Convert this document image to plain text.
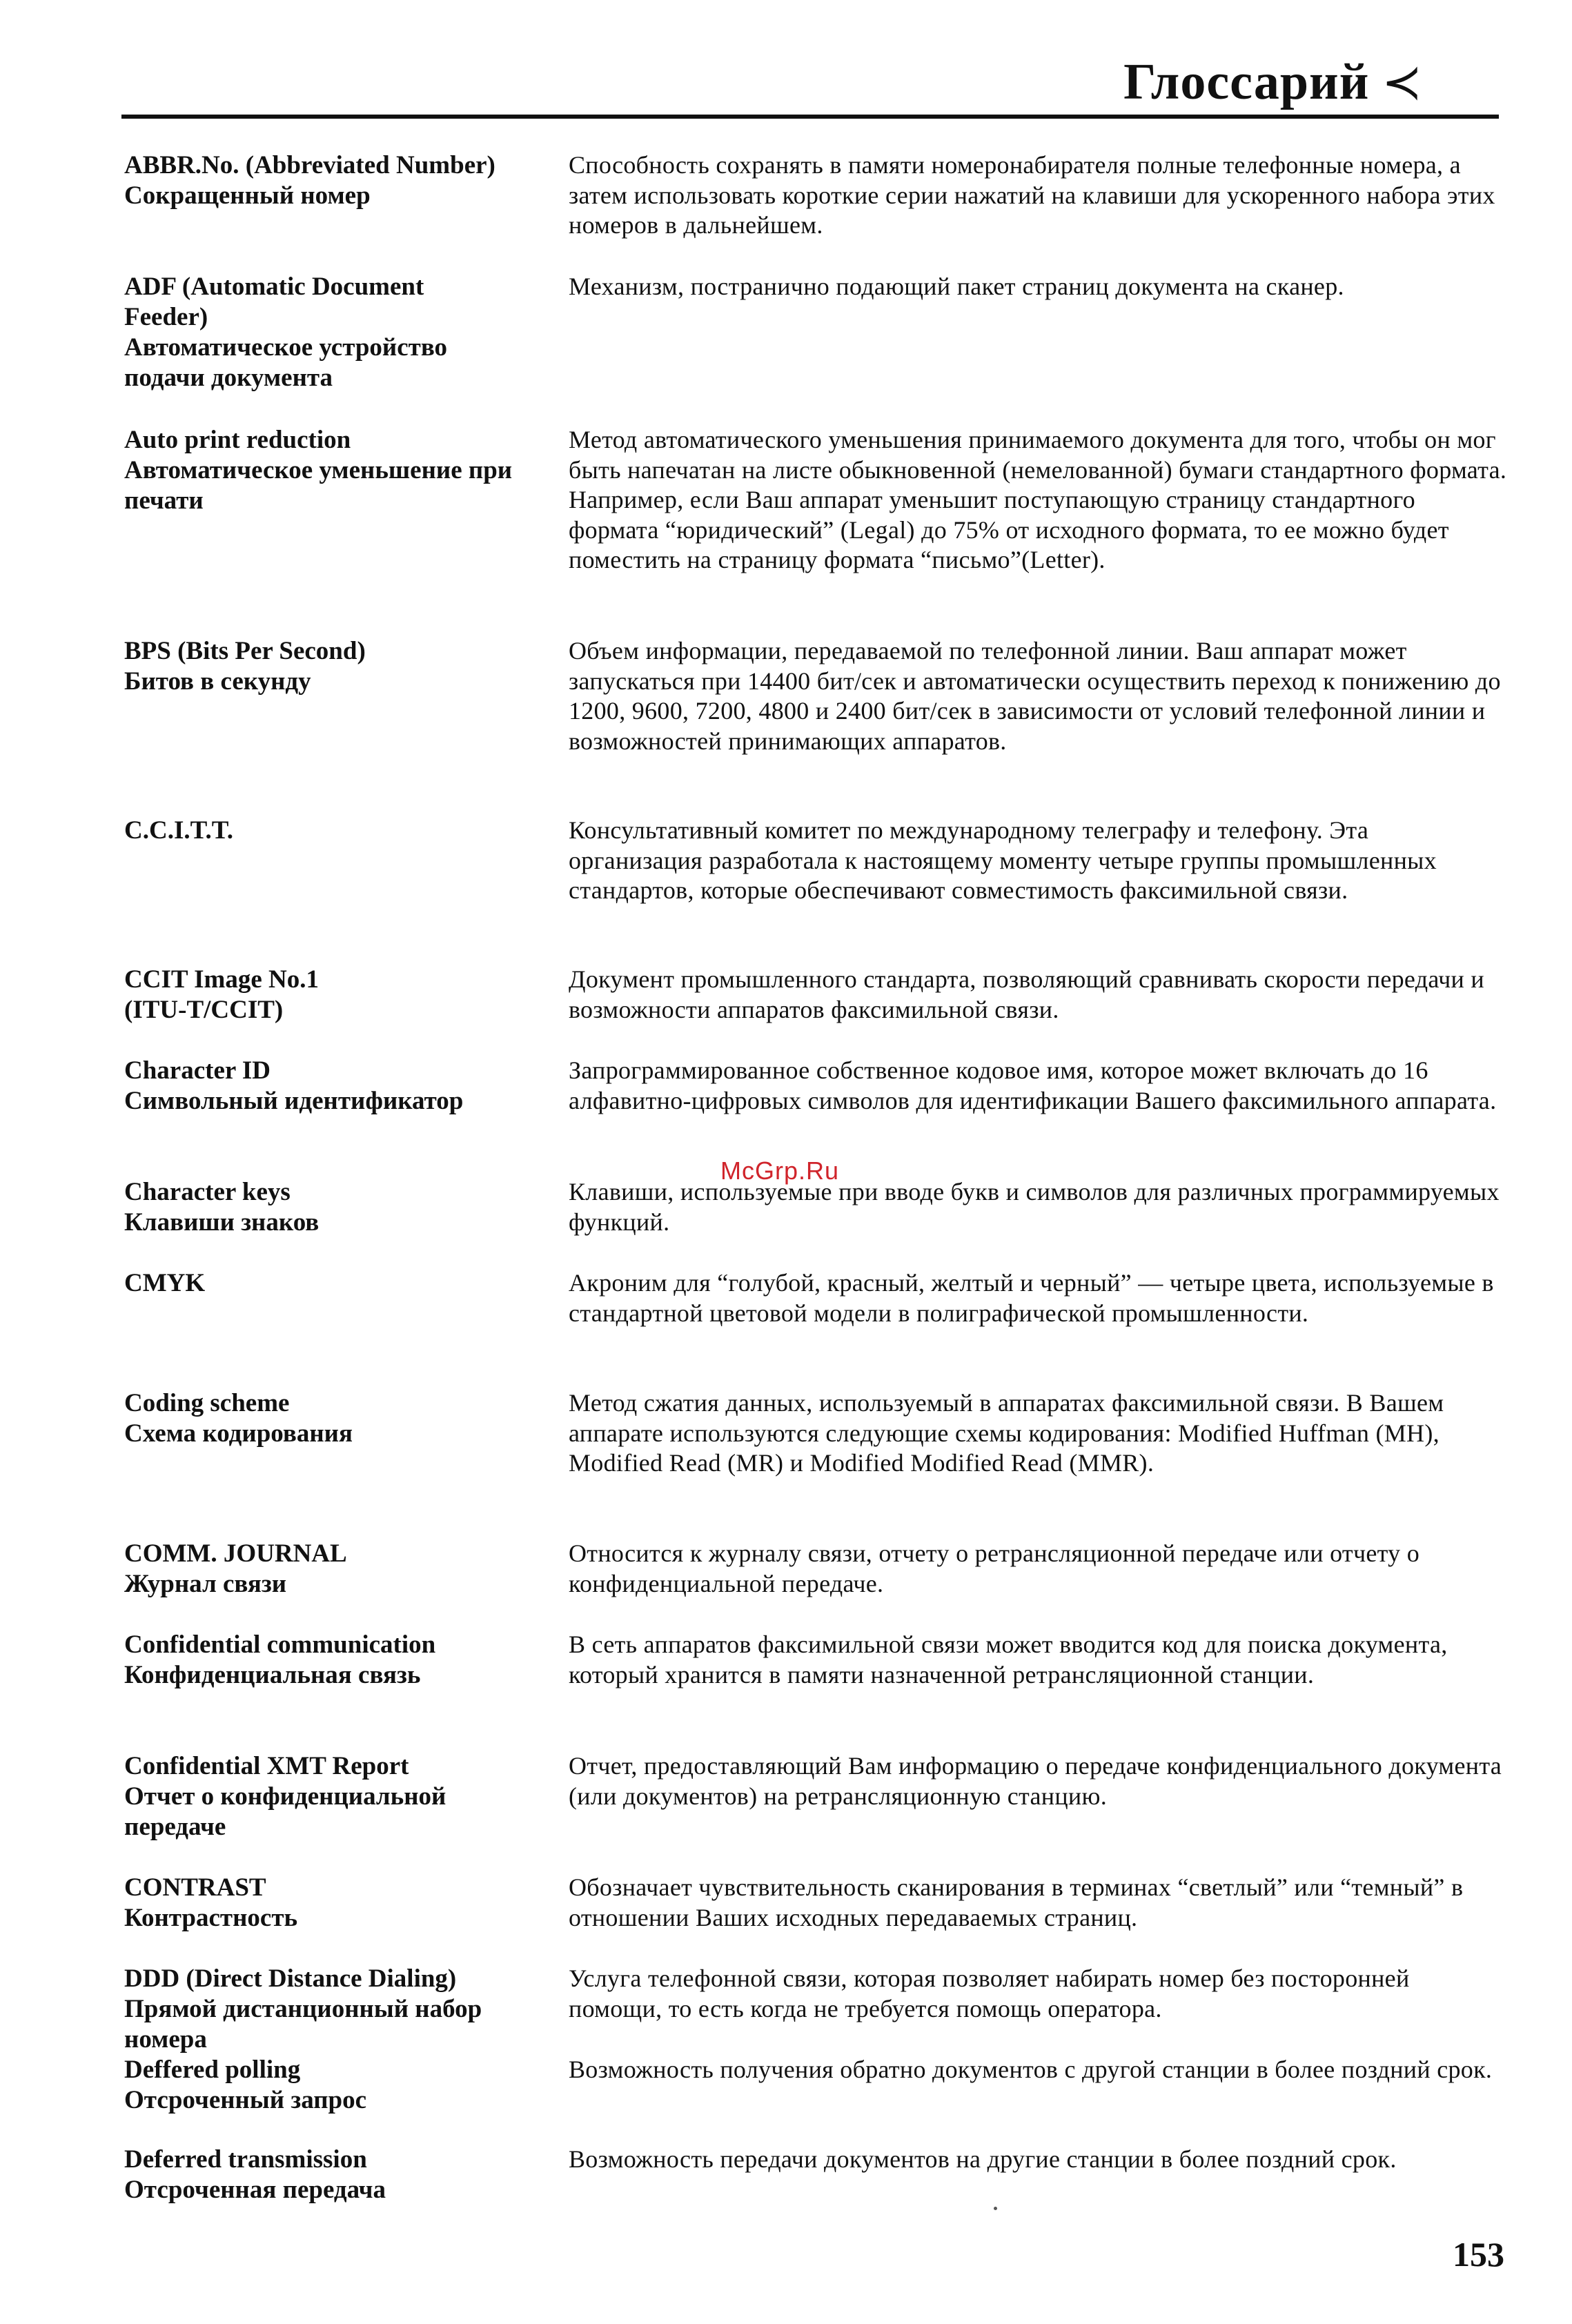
Глоссарий ≺
ABBR.No. (Abbreviated Number)
Сокращенный номер
Способность сохранять в памяти номеронабирателя полные телефонные номера, а затем использовать короткие серии нажатий на клавиши для ускоренного набора этих номеров в дальнейшем.
ADF (Automatic Document
Feeder)
Автоматическое устройство
подачи документа
Механизм, постранично подающий пакет страниц документа на сканер.
Auto print reduction
Автоматическое уменьшение при
печати
Метод автоматического уменьшения принимаемого документа для того, чтобы он мог быть напечатан на листе обыкновенной (немелованной) бумаги стандартного формата. Например, если Ваш аппарат уменьшит поступающую страницу стандартного формата “юридический” (Legal) до 75% от исходного формата, то ее можно будет поместить на страницу формата “письмо”(Letter).
BPS (Bits Per Second)
Битов в секунду
Объем информации, передаваемой по телефонной линии. Ваш аппарат может запускаться при 14400 бит/сек и автоматически осуществить переход к понижению до 1200, 9600, 7200, 4800 и 2400 бит/сек в зависимости от условий телефонной линии и возможностей принимающих аппаратов.
C.C.I.T.T.	Консультативный комитет по международному телеграфу и телефону. Эта организация разработала к настоящему моменту четыре группы промышленных стандартов, которые обеспечивают совместимость факсимильной связи.
CCIT Image No.1
(ITU-T/CCIT)
Документ промышленного стандарта, позволяющий сравнивать скорости передачи и возможности аппаратов факсимильной связи.
Character ID
Символьный идентификатор
Запрограммированное собственное кодовое имя, которое может включать до 16 алфавитно-цифровых символов для идентификации Вашего факсимильного аппарата.
McGrp.Ru
Character keys
Клавиши знаков
Клавиши, используемые при вводе букв и символов для различных программируемых функций.
CMYK	Акроним для “голубой, красный, желтый и черный” — четыре цвета, используемые в стандартной цветовой модели в полиграфической промышленности.
Coding scheme
Схема кодирования
Метод сжатия данных, используемый в аппаратах факсимильной связи. В Вашем аппарате используются следующие схемы кодирования: Modified Huffman (MH), Modified Read (MR) и Modified Modified Read (MMR).
COMM. JOURNAL
Журнал связи
Относится к журналу связи, отчету о ретрансляционной передаче или отчету о конфиденциальной передаче.
Confidential communication
Конфиденциальная связь
В сеть аппаратов факсимильной связи может вводится код для поиска документа, который хранится в памяти назначенной ретрансляционной станции.
Confidential XMT Report
Отчет о конфиденциальной
передаче
Отчет, предоставляющий Вам информацию о передаче конфиденциального документа (или документов) на ретрансляционную станцию.
CONTRAST
Контрастность
Обозначает чувствительность сканирования в терминах “светлый” или “темный” в отношении Ваших исходных передаваемых страниц.
DDD (Direct Distance Dialing)
Прямой дистанционный набор
номера
Услуга телефонной связи, которая позволяет набирать номер без посторонней помощи, то есть когда не требуется помощь оператора.
Deffered polling
Отсроченный запрос
Возможность получения обратно документов с другой станции в более поздний срок.
Deferred transmission
Отсроченная передача
Возможность передачи документов на другие станции в более поздний срок.
153
